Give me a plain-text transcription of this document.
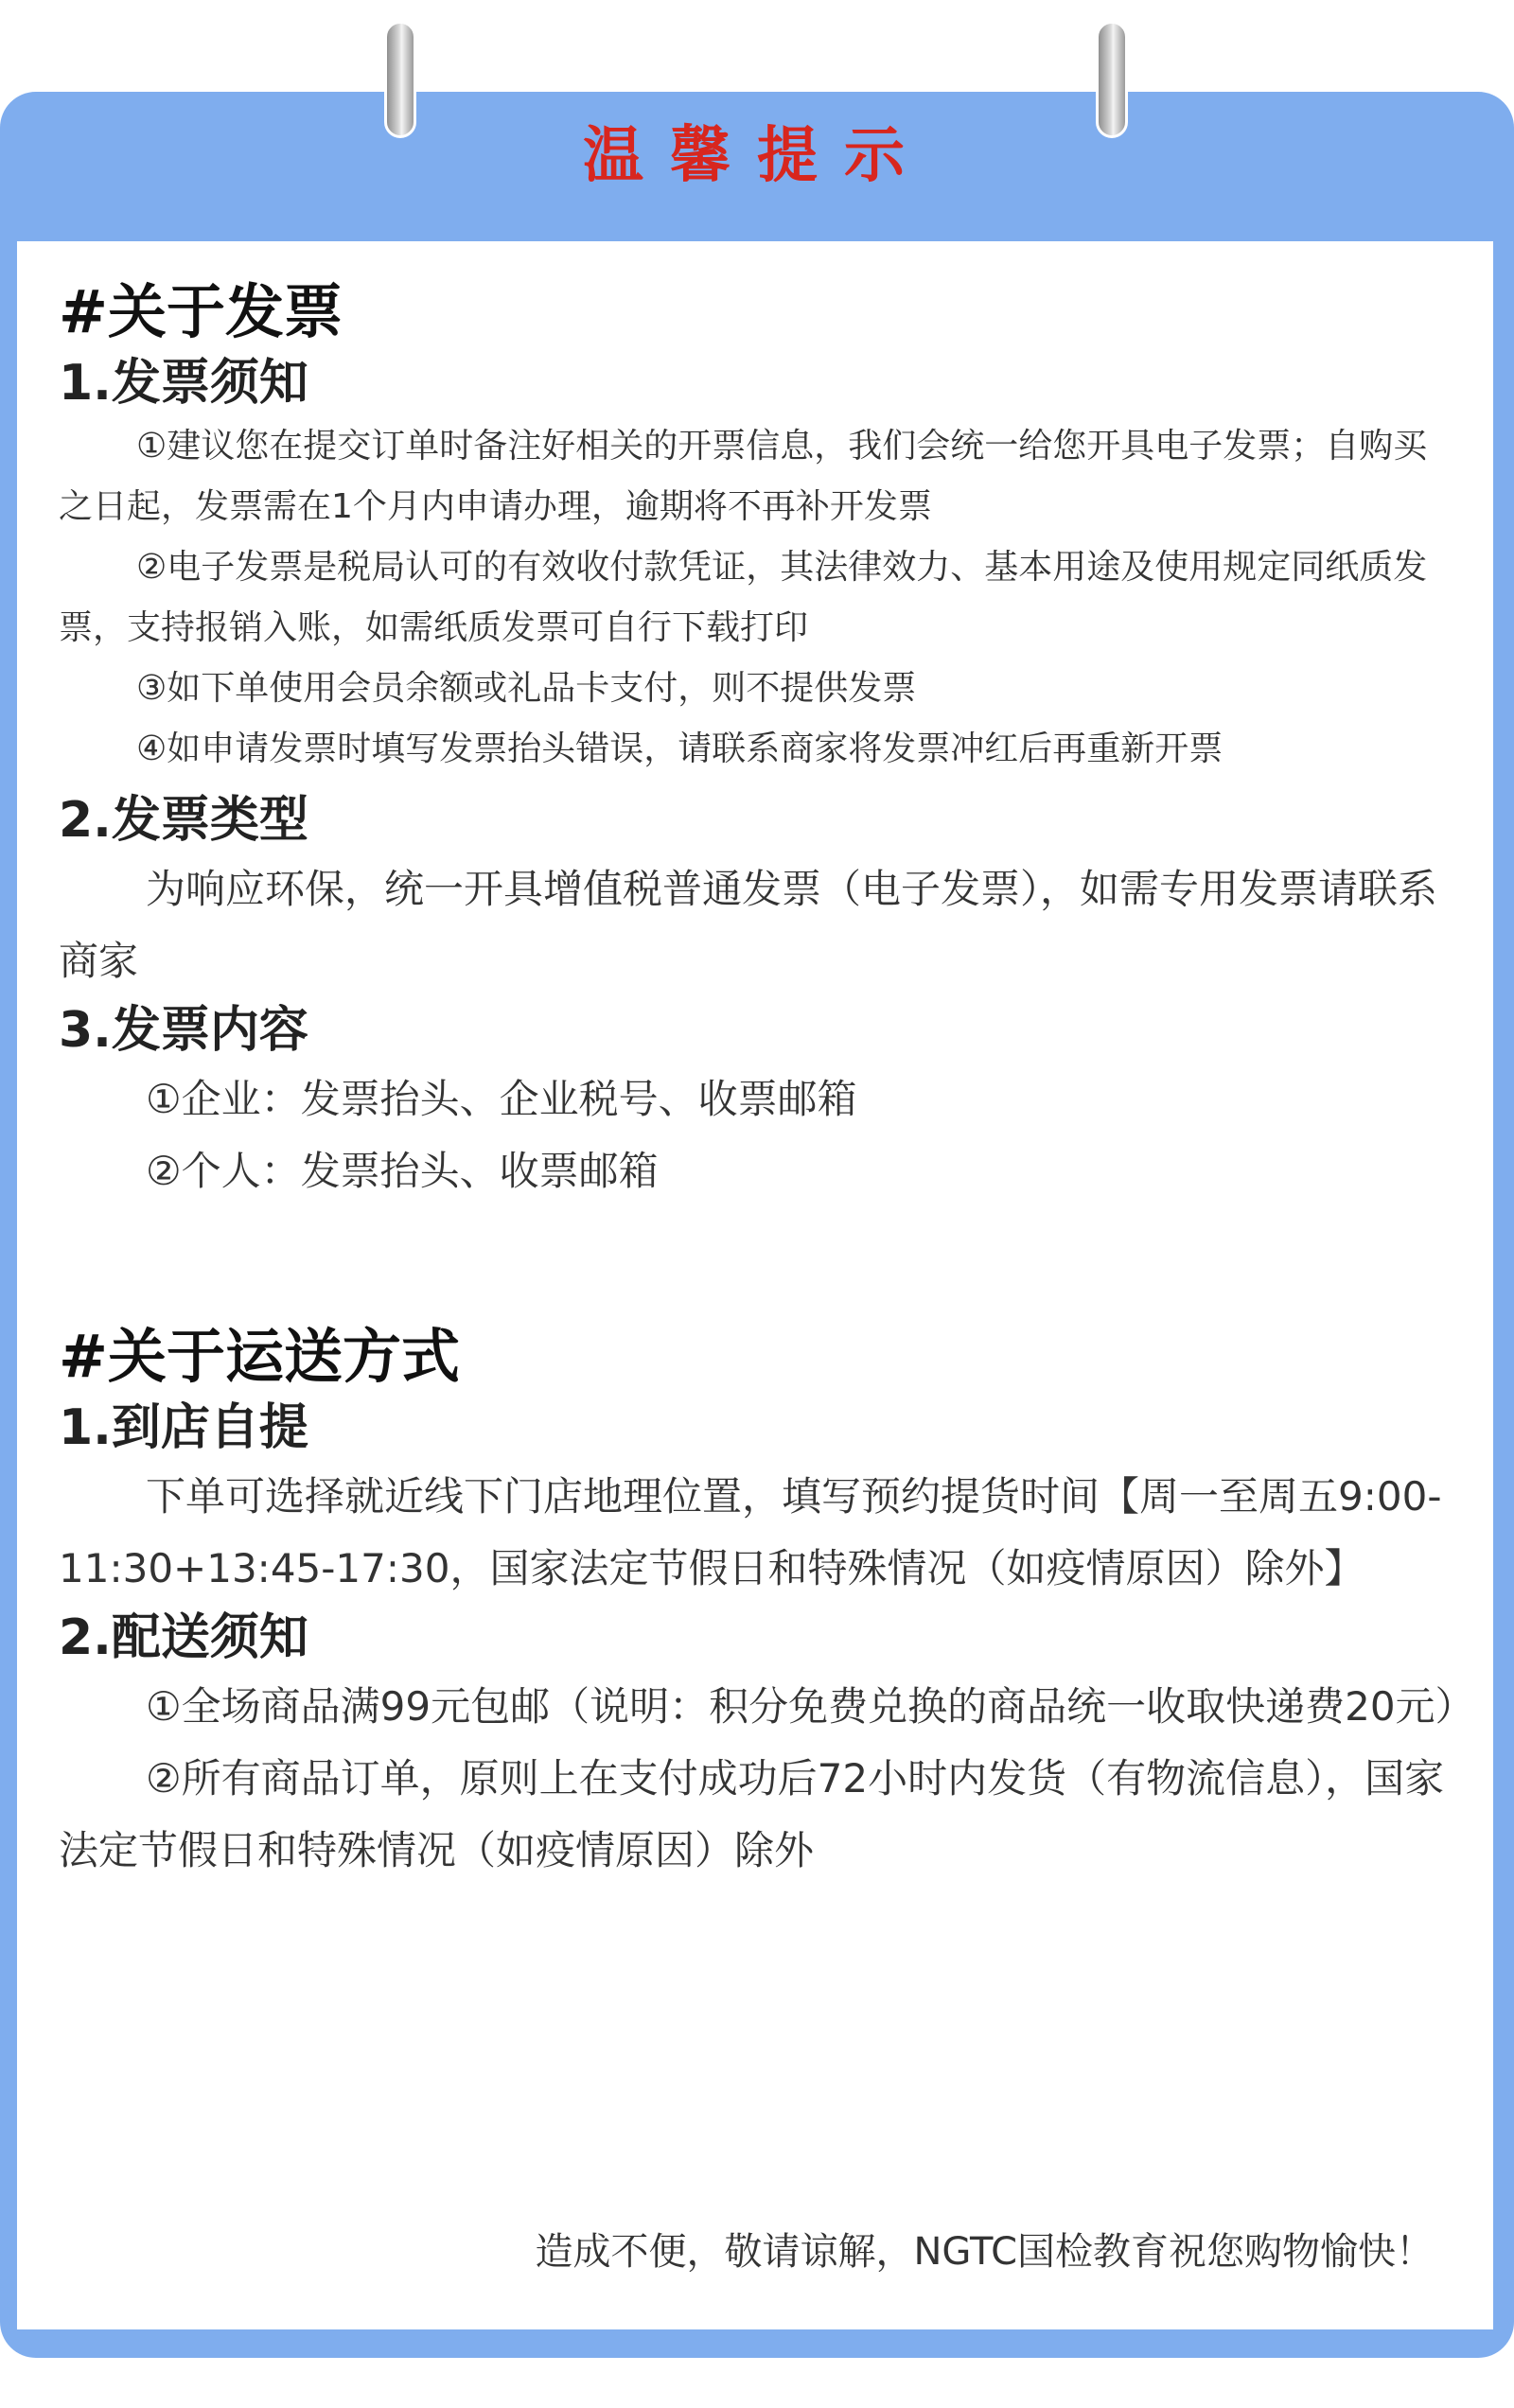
温馨提示
#关于发票
1.发票须知

①建议您在提交订单时备注好相关的开票信息，我们会统一给您开具电子发票；自购买之日起，发票需在1个月内申请办理，逾期将不再补开发票

②电子发票是税局认可的有效收付款凭证，其法律效力、基本用途及使用规定同纸质发票，支持报销入账，如需纸质发票可自行下载打印

③如下单使用会员余额或礼品卡支付，则不提供发票

④如申请发票时填写发票抬头错误，请联系商家将发票冲红后再重新开票

2.发票类型

为响应环保，统一开具增值税普通发票（电子发票），如需专用发票请联系商家

3.发票内容

①企业：发票抬头、企业税号、收票邮箱

②个人：发票抬头、收票邮箱

#关于运送方式
1.到店自提

下单可选择就近线下门店地理位置，填写预约提货时间【周一至周五9:00-11:30+13:45-17:30，国家法定节假日和特殊情况（如疫情原因）除外】

2.配送须知

①全场商品满99元包邮（说明：积分免费兑换的商品统一收取快递费20元）

②所有商品订单，原则上在支付成功后72小时内发货（有物流信息），国家法定节假日和特殊情况（如疫情原因）除外

造成不便，敬请谅解，NGTC国检教育祝您购物愉快！
